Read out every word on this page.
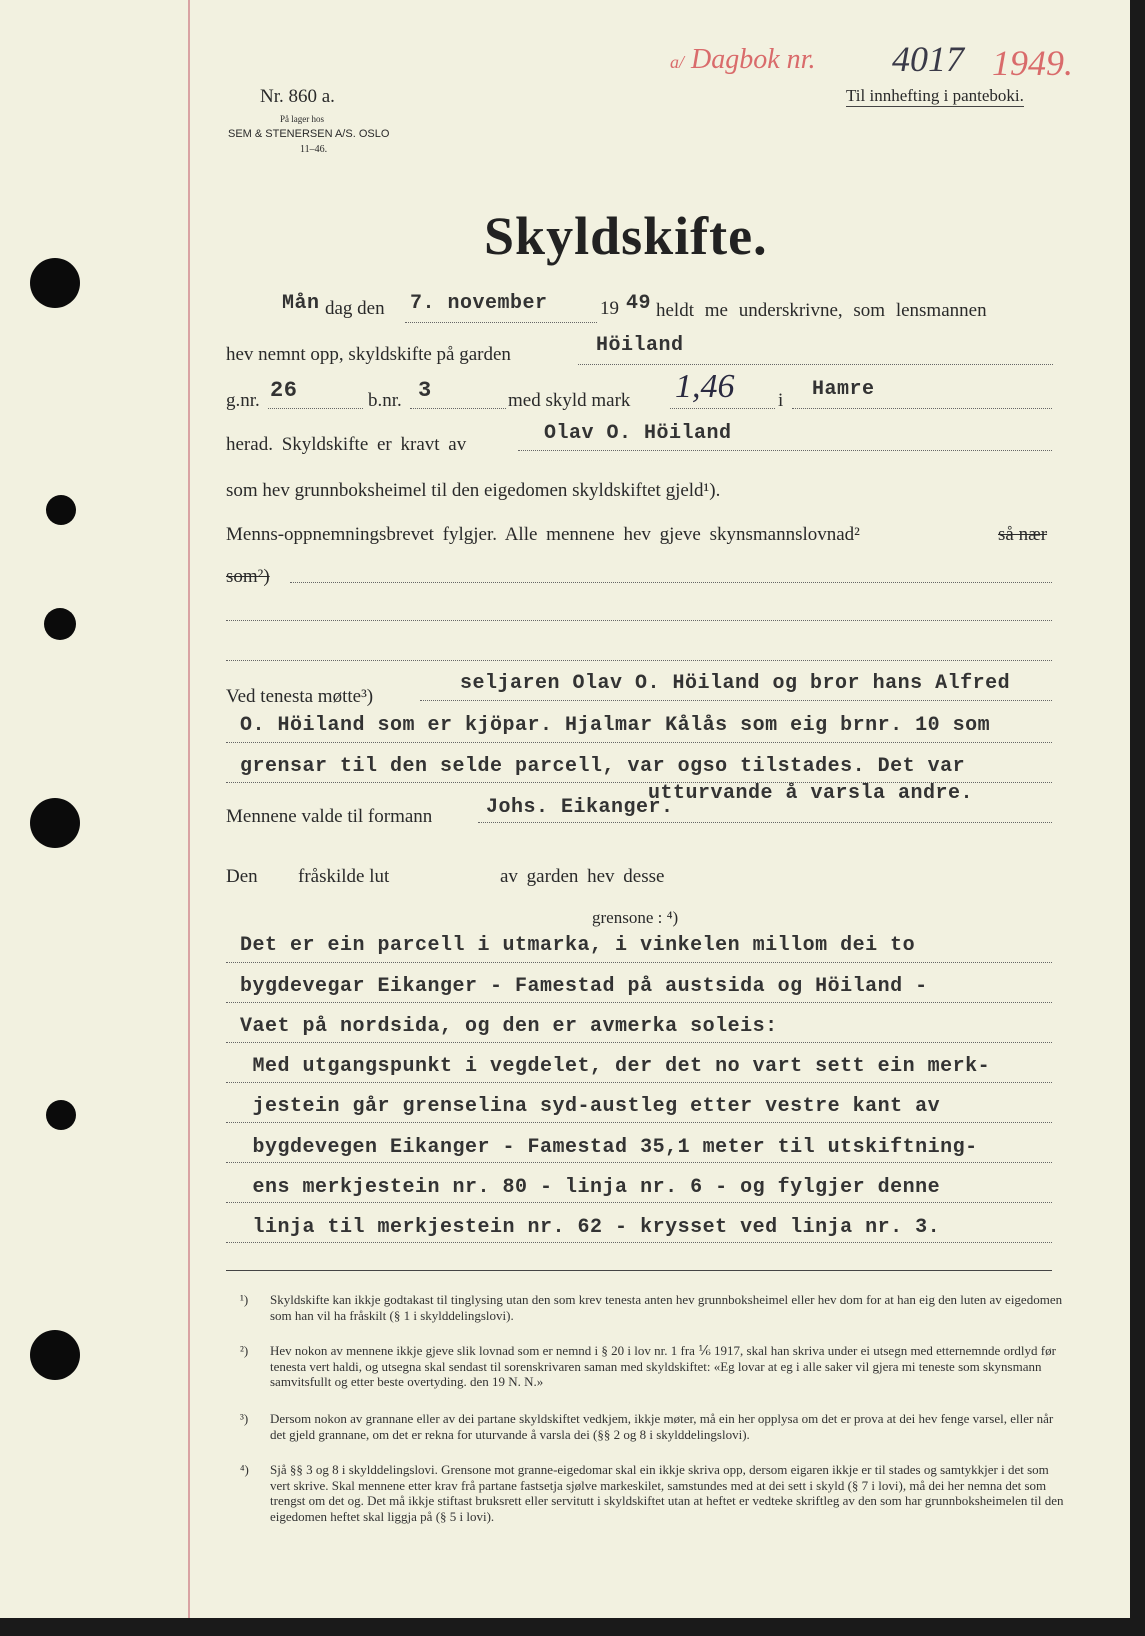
Nr. 860 a.
På lager hos
SEM & STENERSEN A/S. OSLO
11–46.
a/ Dagbok nr. 4017 1949.
Til innhefting i panteboki.
Skyldskifte.
Mån dag den 7. november	19 49 heldt me underskrivne, som lensmannen
hev nemnt opp, skyldskifte på garden	Höiland
g.nr. 26	b.nr. 3	med skyld mark 1,46 i Hamre
herad. Skyldskifte er kravt av	Olav O. Höiland
som hev grunnboksheimel til den eigedomen skyldskiftet gjeld¹).
Menns-oppnemningsbrevet fylgjer. Alle mennene hev gjeve skynsmannslovnad²	så nær
som²)
Ved tenesta møtte³)
seljaren Olav O. Höiland og bror hans Alfred
O. Höiland som er kjöpar. Hjalmar Kålås som eig brnr. 10 som
grensar til den selde parcell, var ogso tilstades. Det var
utturvande å varsla andre.
Mennene valde til formann	Johs. Eikanger.
Den fråskilde lut	av garden hev desse
grensone : ⁴)
Det er ein parcell i utmarka, i vinkelen millom dei to
bygdevegar Eikanger - Famestad på austsida og Höiland -
Vaet på nordsida, og den er avmerka soleis:
Med utgangspunkt i vegdelet, der det no vart sett ein merk-
jestein går grenselina syd-austleg etter vestre kant av
bygdevegen Eikanger - Famestad 35,1 meter til utskiftning-
ens merkjestein nr. 80 - linja nr. 6 - og fylgjer denne
linja til merkjestein nr. 62 - krysset ved linja nr. 3.
¹) Skyldskifte kan ikkje godtakast til tinglysing utan den som krev tenesta anten hev grunnboksheimel eller hev dom for at han eig den luten av eigedomen som han vil ha fråskilt (§ 1 i skylddelingslovi).
²) Hev nokon av mennene ikkje gjeve slik lovnad som er nemnd i § 20 i lov nr. 1 fra ⅙ 1917, skal han skriva under ei utsegn med etternemnde ordlyd før tenesta vert haldi, og utsegna skal sendast til sorenskrivaren saman med skyldskiftet: «Eg lovar at eg i alle saker vil gjera mi teneste som skynsmann samvitsfullt og etter beste overtyding. den 19 N. N.»
³) Dersom nokon av grannane eller av dei partane skyldskiftet vedkjem, ikkje møter, må ein her opplysa om det er prova at dei hev fenge varsel, eller når det gjeld grannane, om det er rekna for uturvande å varsla dei (§§ 2 og 8 i skylddelingslovi).
⁴) Sjå §§ 3 og 8 i skylddelingslovi. Grensone mot granne-eigedomar skal ein ikkje skriva opp, dersom eigaren ikkje er til stades og samtykkjer i det som vert skrive. Skal mennene etter krav frå partane fastsetja sjølve markeskilet, samstundes med at dei sett i skyld (§ 7 i lovi), må dei her nemna det som trengst om det og. Det må ikkje stiftast bruksrett eller servitutt i skyldskiftet utan at heftet er vedteke skriftleg av den som har grunnboksheimelen til den eigedomen heftet skal liggja på (§ 5 i lovi).
